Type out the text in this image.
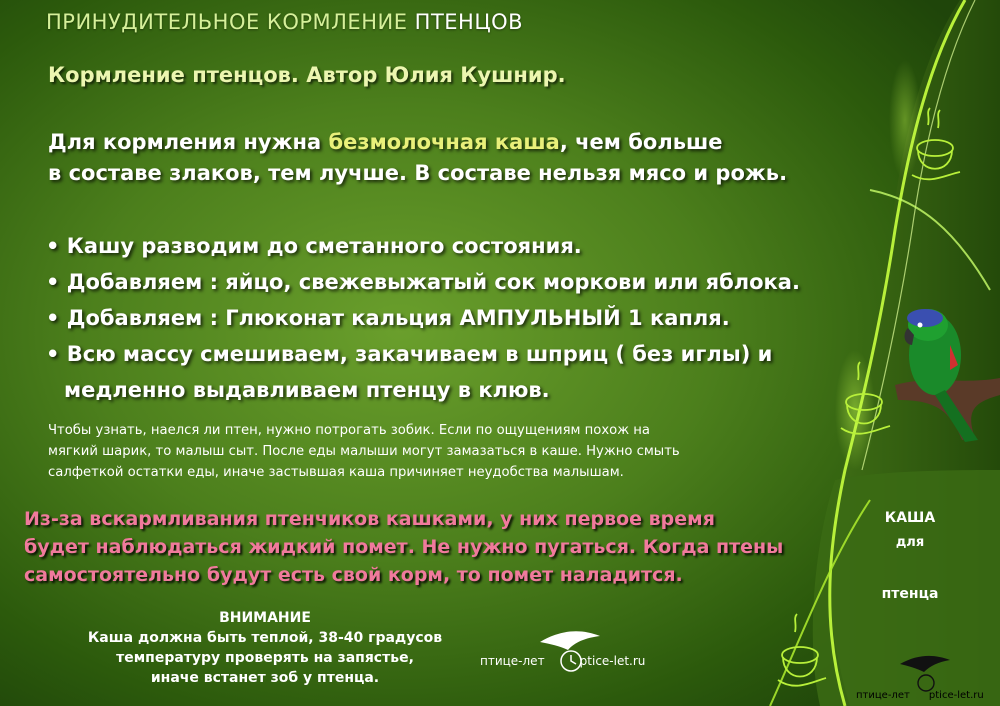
ПРИНУДИТЕЛЬНОЕ КОРМЛЕНИЕ ПТЕНЦОВ
Кормление птенцов. Автор Юлия Кушнир.
Для кормления нужна безмолочная каша, чем больше
в составе злаков, тем лучше. В составе нельзя мясо и рожь.
• Кашу разводим до сметанного состояния.
• Добавляем : яйцо, свежевыжатый сок моркови или яблока.
• Добавляем : Глюконат кальция АМПУЛЬНЫЙ 1 капля.
• Всю массу смешиваем, закачиваем в шприц ( без иглы) и медленно выдавливаем птенцу в клюв.
Чтобы узнать, наелся ли птен, нужно потрогать зобик. Если по ощущениям похож на
мягкий шарик, то малыш сыт. После еды малыши могут замазаться в каше. Нужно смыть
салфеткой остатки еды, иначе застывшая каша причиняет неудобства малышам.
Из-за вскармливания птенчиков кашками, у них первое время
будет наблюдаться жидкий помет. Не нужно пугаться. Когда птены
самостоятельно будут есть свой корм, то помет наладится.
ВНИМАНИЕ
Каша должна быть теплой, 38-40 градусов
температуру проверять на запястье,
иначе встанет зоб у птенца.
птице-лет	ptice-let.ru
КАША
для
птенца
птице-лет ptice-let.ru
